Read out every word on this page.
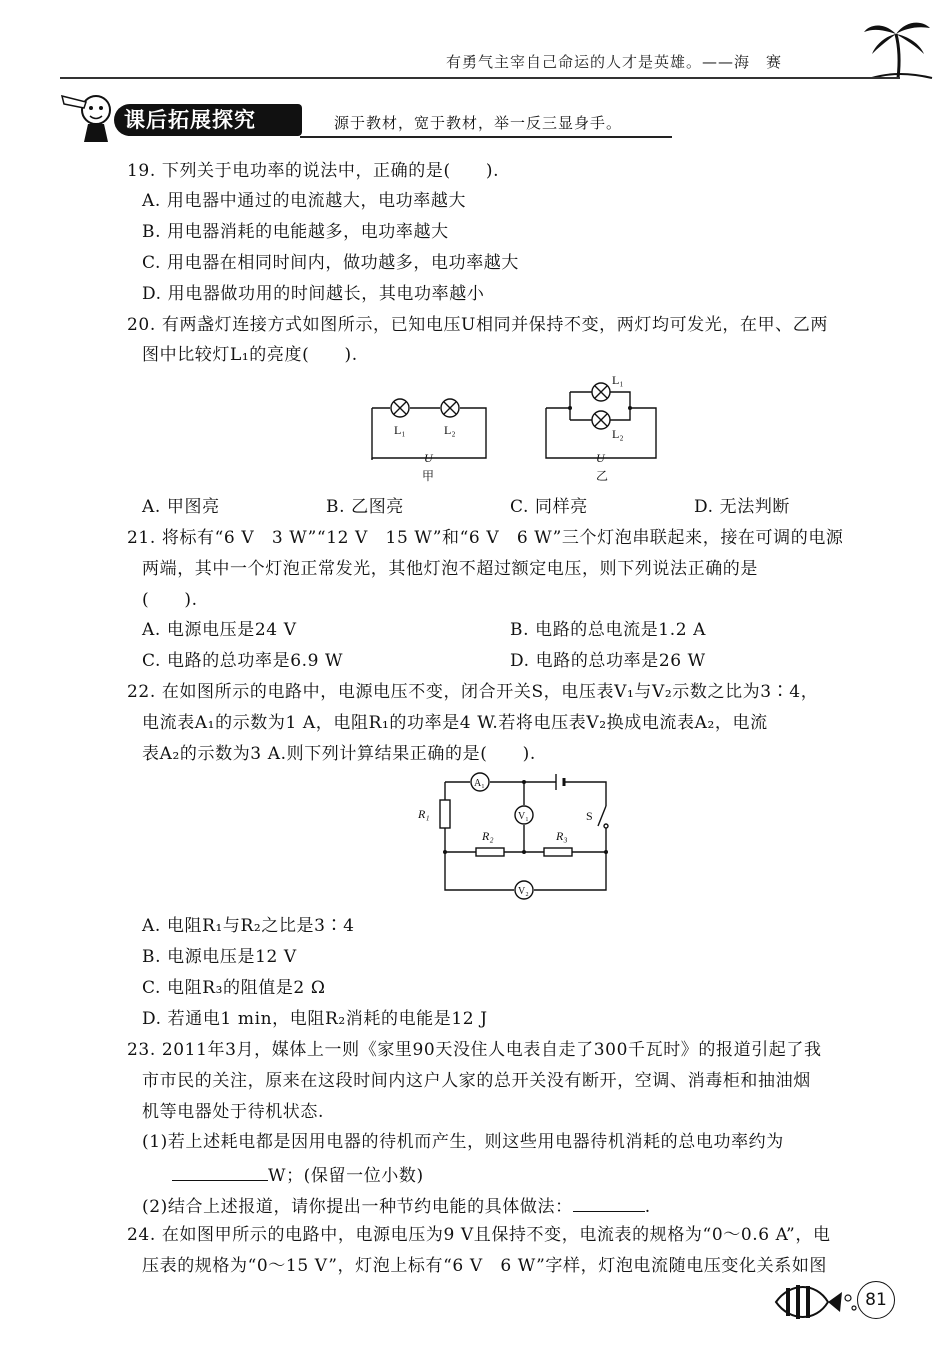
有勇气主宰自己命运的人才是英雄。——海　赛
课后拓展探究	源于教材，宽于教材，举一反三显身手。
19. 下列关于电功率的说法中，正确的是(　　).
A. 用电器中通过的电流越大，电功率越大
B. 用电器消耗的电能越多，电功率越大
C. 用电器在相同时间内，做功越多，电功率越大
D. 用电器做功用的时间越长，其电功率越小
20. 有两盏灯连接方式如图所示，已知电压U相同并保持不变，两灯均可发光，在甲、乙两
图中比较灯L₁的亮度(　　).
L₁	L₂
U
甲
L₁
L₂
U
乙
A. 甲图亮	B. 乙图亮	C. 同样亮	D. 无法判断
21. 将标有“6 V　3 W”“12 V　15 W”和“6 V　6 W”三个灯泡串联起来，接在可调的电源
两端，其中一个灯泡正常发光，其他灯泡不超过额定电压，则下列说法正确的是
(　　).
A. 电源电压是24 V	B. 电路的总电流是1.2 A
C. 电路的总功率是6.9 W	D. 电路的总功率是26 W
22. 在如图所示的电路中，电源电压不变，闭合开关S，电压表V₁与V₂示数之比为3∶4，
电流表A₁的示数为1 A，电阻R₁的功率是4 W.若将电压表V₂换成电流表A₂，电流
表A₂的示数为3 A.则下列计算结果正确的是(　　).
A₁
V₁
V₂
R₁
R₂	R₃
S
A. 电阻R₁与R₂之比是3∶4
B. 电源电压是12 V
C. 电阻R₃的阻值是2 Ω
D. 若通电1 min，电阻R₂消耗的电能是12 J
23. 2011年3月，媒体上一则《家里90天没住人电表自走了300千瓦时》的报道引起了我
市市民的关注，原来在这段时间内这户人家的总开关没有断开，空调、消毒柜和抽油烟
机等电器处于待机状态.
(1)若上述耗电都是因用电器的待机而产生，则这些用电器待机消耗的总电功率约为
W；(保留一位小数)
(2)结合上述报道，请你提出一种节约电能的具体做法：	.
24. 在如图甲所示的电路中，电源电压为9 V且保持不变，电流表的规格为“0～0.6 A”，电
压表的规格为“0～15 V”，灯泡上标有“6 V　6 W”字样，灯泡电流随电压变化关系如图
81
